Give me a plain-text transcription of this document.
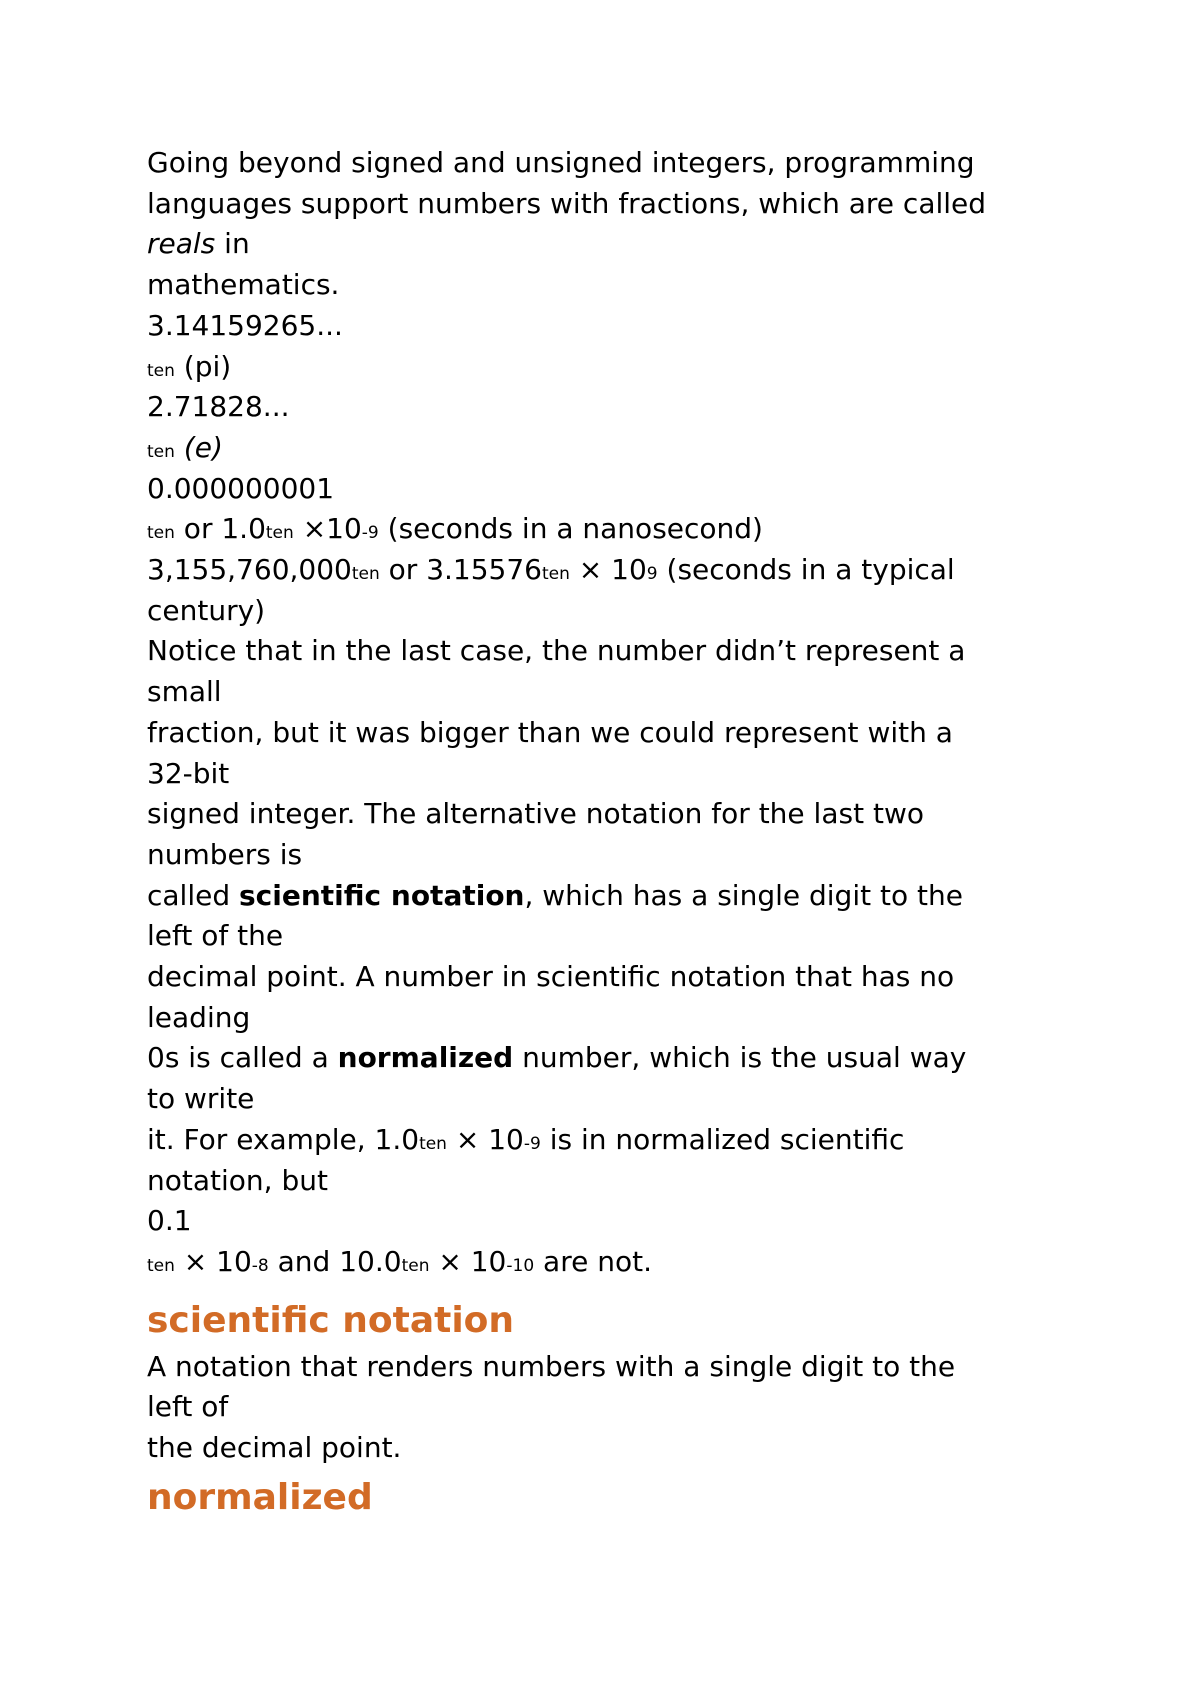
Going beyond signed and unsigned integers, programming
languages support numbers with fractions, which are called
reals in
mathematics.
3.14159265...
ten (pi)
2.71828...
ten (e)
0.000000001
ten or 1.0ten ×10-9 (seconds in a nanosecond)
3,155,760,000ten or 3.15576ten × 109 (seconds in a typical
century)
Notice that in the last case, the number didn’t represent a
small
fraction, but it was bigger than we could represent with a
32-bit
signed integer. The alternative notation for the last two
numbers is
called scientific notation, which has a single digit to the
left of the
decimal point. A number in scientific notation that has no
leading
0s is called a normalized number, which is the usual way
to write
it. For example, 1.0ten × 10-9 is in normalized scientific
notation, but
0.1
ten × 10-8 and 10.0ten × 10-10 are not.
scientific notation
A notation that renders numbers with a single digit to the
left of
the decimal point.
normalized
